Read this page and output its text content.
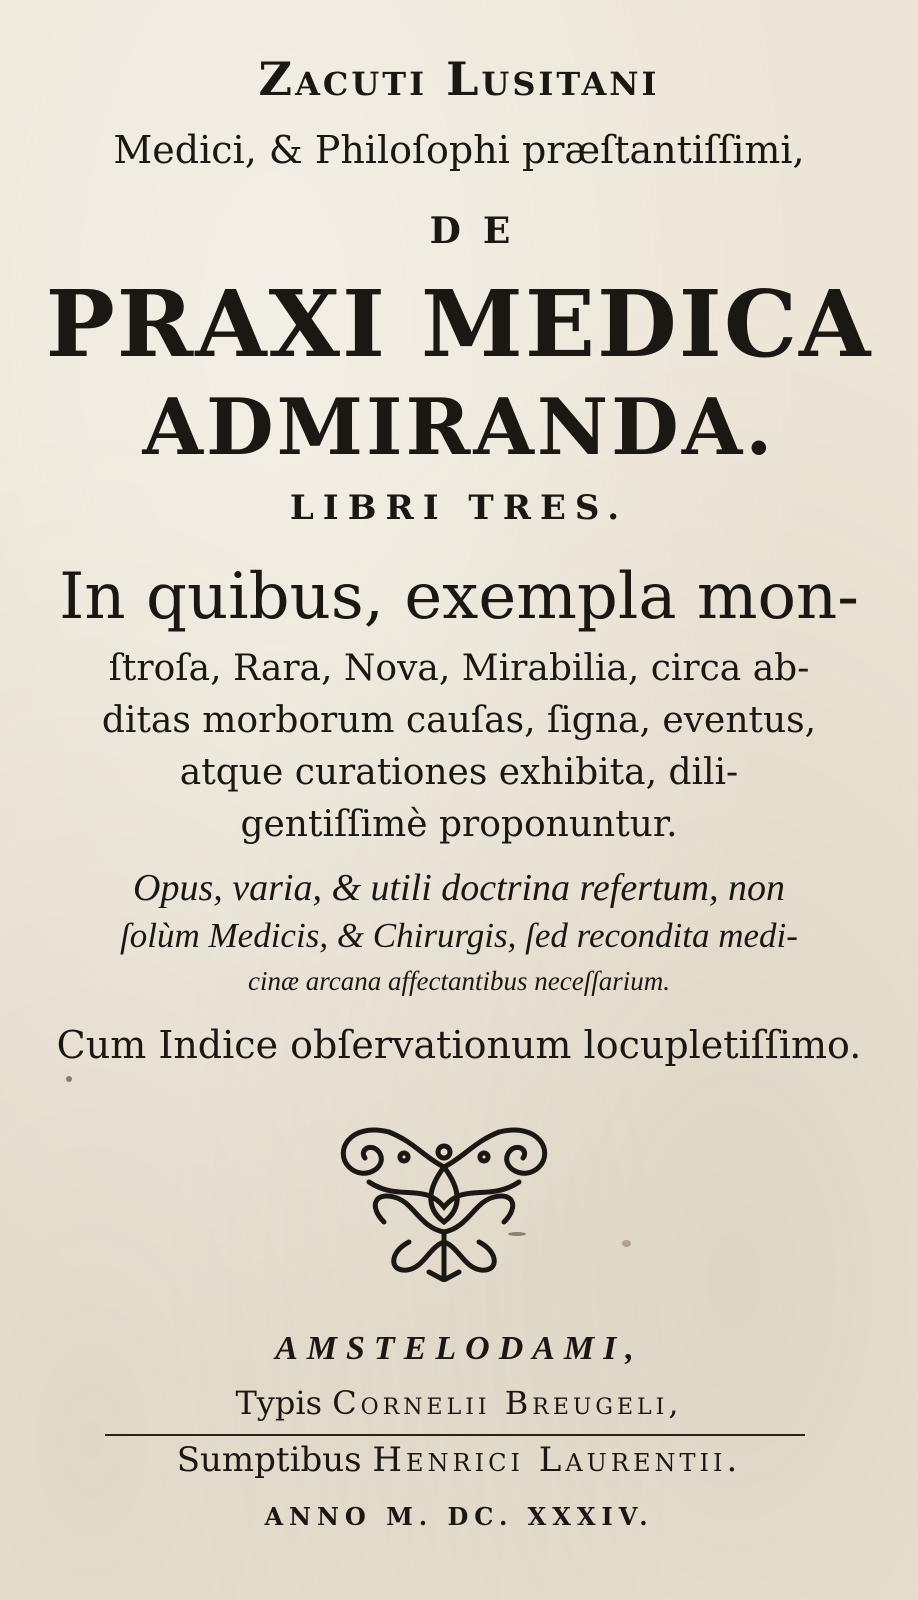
Zacuti Lusitani
Medici, & Philoſophi præſtantiſſimi,
DE
PRAXI MEDICA
ADMIRANDA.
LIBRI TRES.
In quibus, exempla mon-
ſtroſa, Rara, Nova, Mirabilia, circa ab-
ditas morborum cauſas, ſigna, eventus,
atque curationes exhibita, dili-
gentiſſimè proponuntur.
Opus, varia, & utili doctrina refertum, non
ſolùm Medicis, & Chirurgis, ſed recondita medi-
cinæ arcana affectantibus neceſſarium.
Cum Indice obſervationum locupletiſſimo.
AMSTELODAMI,
Typis Cornelii Breugeli,
Sumptibus Henrici Laurentii.
ANNO M. DC. XXXIV.
